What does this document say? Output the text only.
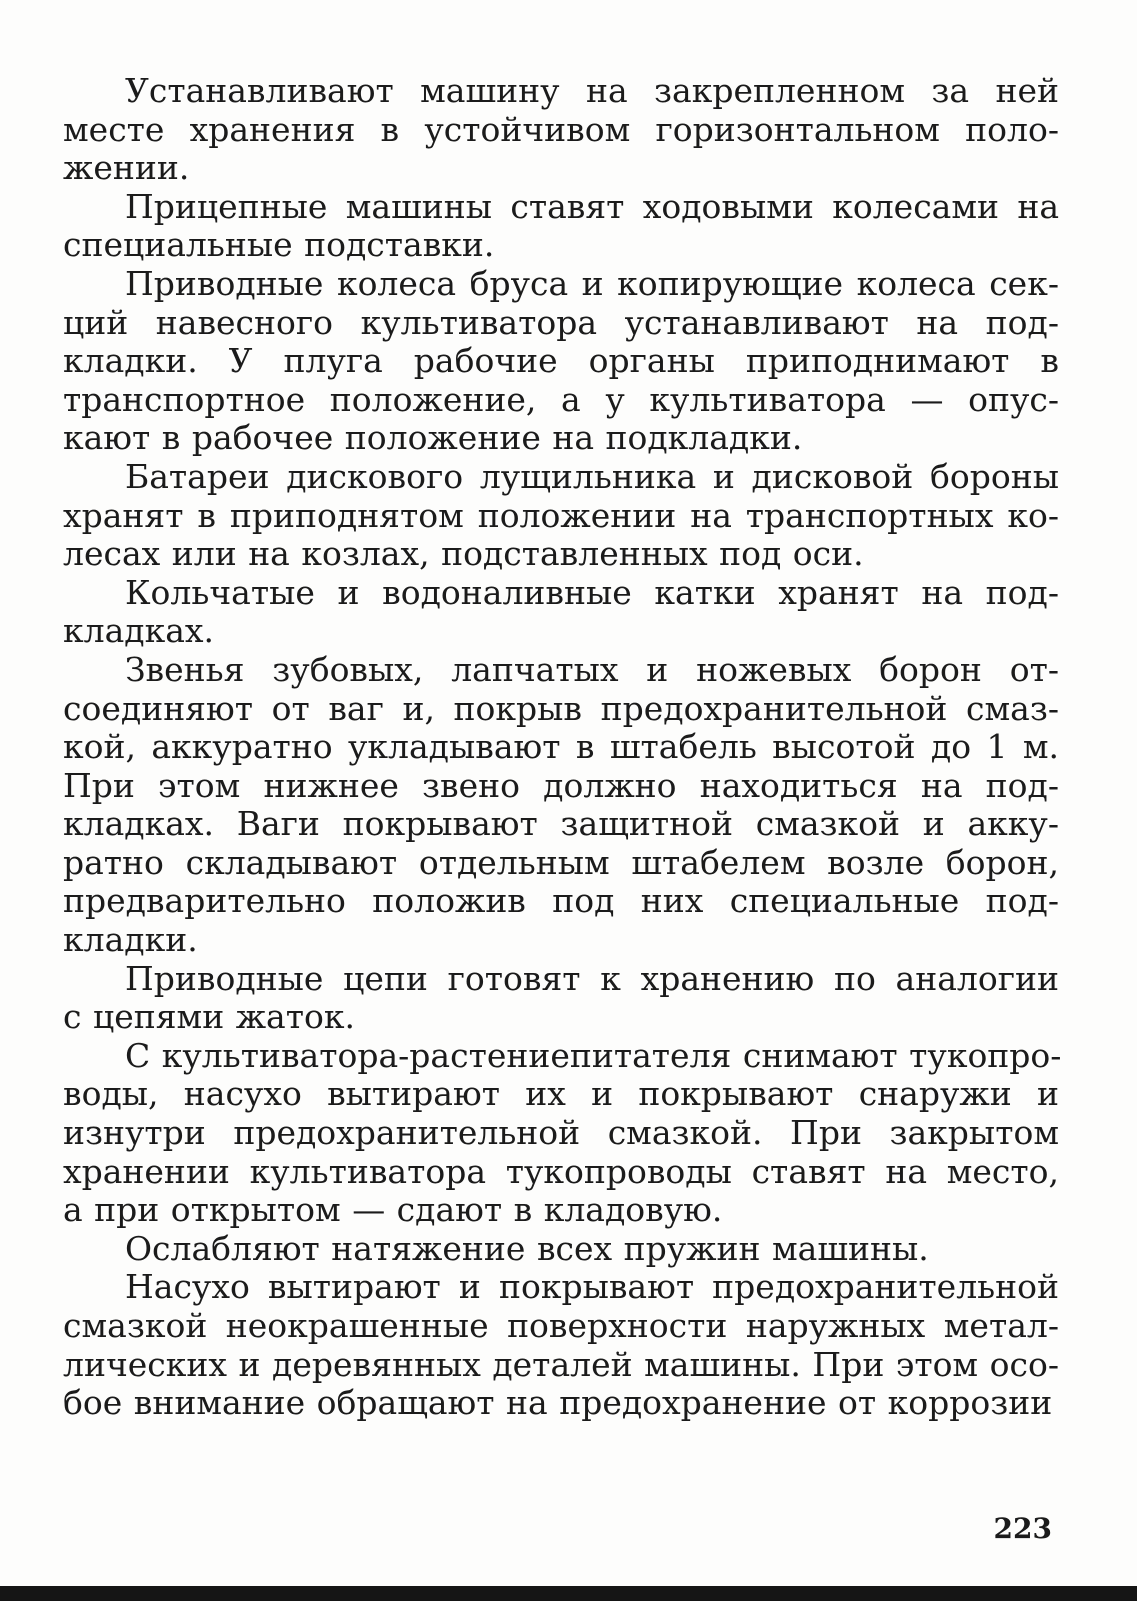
Устанавливают машину на закрепленном за ней
месте хранения в устойчивом горизонтальном поло-
жении.
Прицепные машины ставят ходовыми колесами на
специальные подставки.
Приводные колеса бруса и копирующие колеса сек-
ций навесного культиватора устанавливают на под-
кладки. У плуга рабочие органы приподнимают в
транспортное положение, а у культиватора — опус-
кают в рабочее положение на подкладки.
Батареи дискового лущильника и дисковой бороны
хранят в приподнятом положении на транспортных ко-
лесах или на козлах, подставленных под оси.
Кольчатые и водоналивные катки хранят на под-
кладках.
Звенья зубовых, лапчатых и ножевых борон от-
соединяют от ваг и, покрыв предохранительной смаз-
кой, аккуратно укладывают в штабель высотой до 1 м.
При этом нижнее звено должно находиться на под-
кладках. Ваги покрывают защитной смазкой и акку-
ратно складывают отдельным штабелем возле борон,
предварительно положив под них специальные под-
кладки.
Приводные цепи готовят к хранению по аналогии
с цепями жаток.
С культиватора-растениепитателя снимают тукопро-
воды, насухо вытирают их и покрывают снаружи и
изнутри предохранительной смазкой. При закрытом
хранении культиватора тукопроводы ставят на место,
а при открытом — сдают в кладовую.
Ослабляют натяжение всех пружин машины.
Насухо вытирают и покрывают предохранительной
смазкой неокрашенные поверхности наружных метал-
лических и деревянных деталей машины. При этом осо-
бое внимание обращают на предохранение от коррозии
223
